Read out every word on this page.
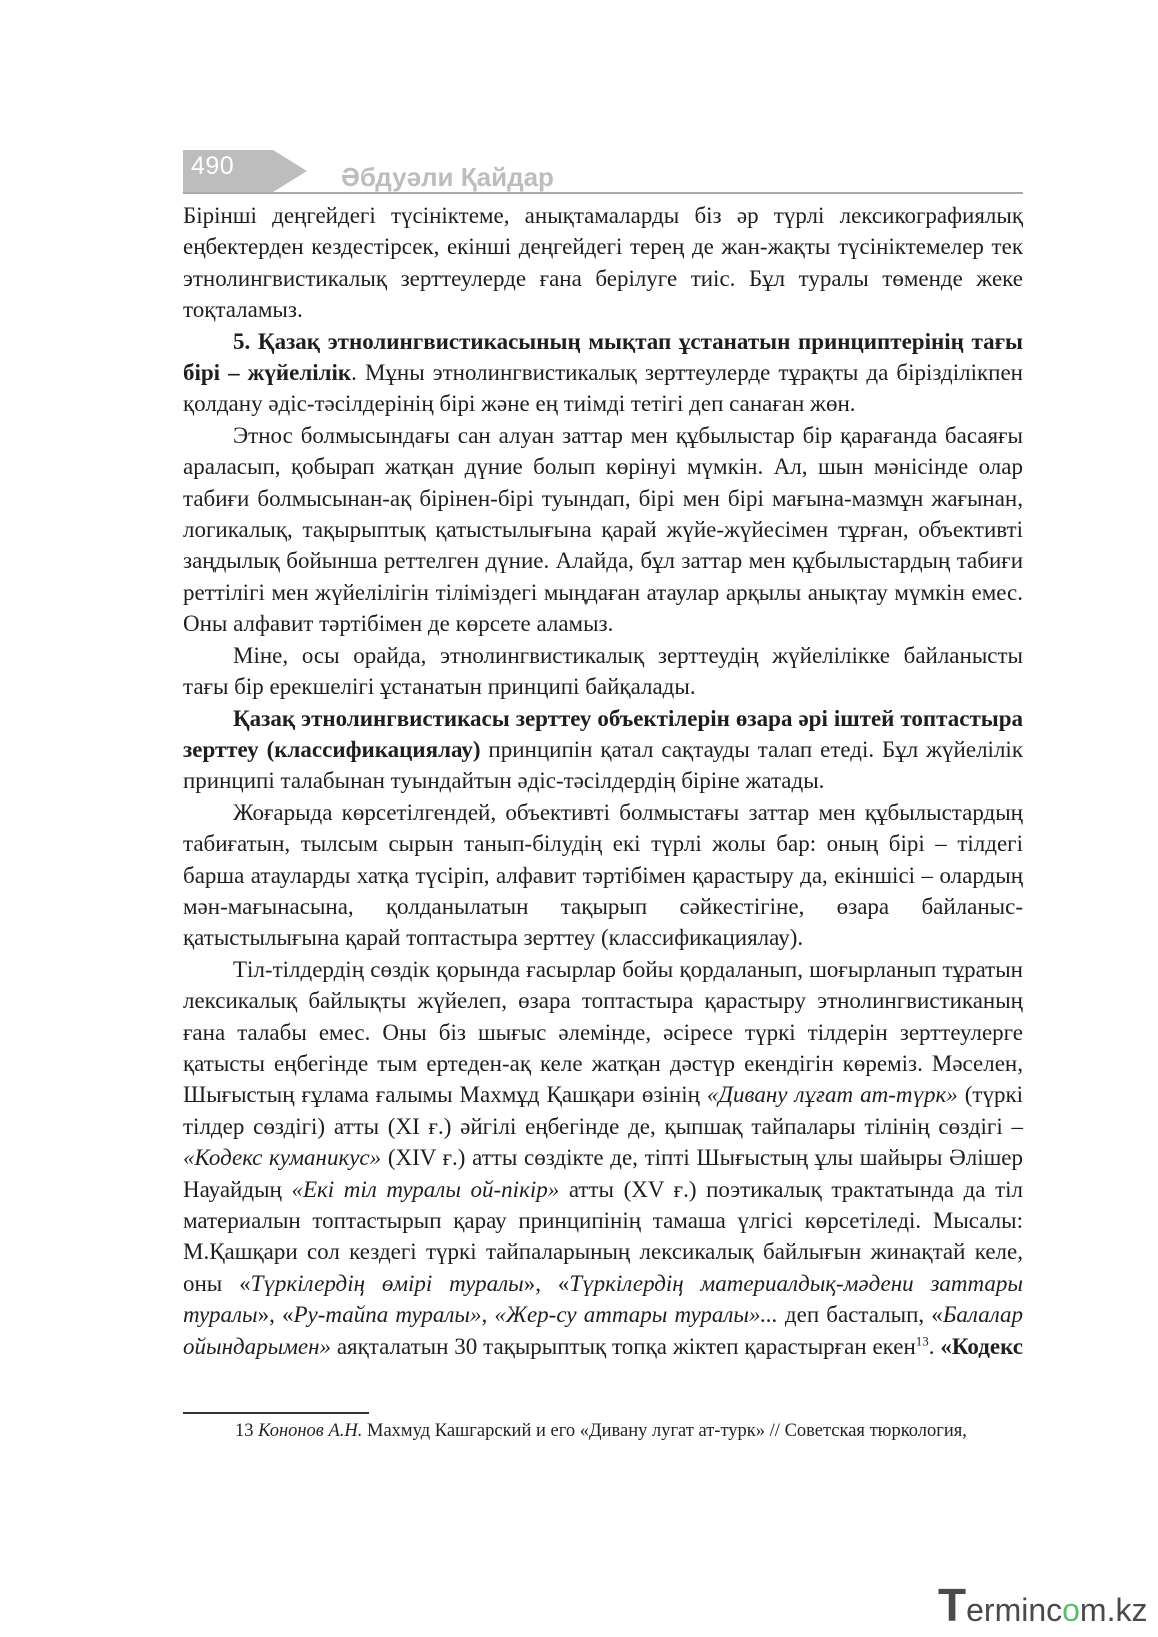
490	Әбдуәли Қайдар

Бірінші деңгейдегі түсініктеме, анықтамаларды біз әр түрлі лексикографиялық еңбектерден кездестірсек, екінші деңгейдегі терең де жан-жақты түсініктемелер тек этнолингвистикалық зерттеулерде ғана берілуге тиіс. Бұл туралы төменде жеке тоқталамыз.

5. Қазақ этнолингвистикасының мықтап ұстанатын принциптерінің тағы бірі – жүйелілік. Мұны этнолингвистикалық зерттеулерде тұрақты да бірізділікпен қолдану әдіс-тәсілдерінің бірі және ең тиімді тетігі деп санаған жөн.

Этнос болмысындағы сан алуан заттар мен құбылыстар бір қарағанда басаяғы араласып, қобырап жатқан дүние болып көрінуі мүмкін. Ал, шын мәнісінде олар табиғи болмысынан-ақ бірінен-бірі туындап, бірі мен бірі мағына-мазмұн жағынан, логикалық, тақырыптық қатыстылығына қарай жүйе-жүйесімен тұрған, объективті заңдылық бойынша реттелген дүние. Алайда, бұл заттар мен құбылыстардың табиғи реттілігі мен жүйелілігін тіліміздегі мыңдаған атаулар арқылы анықтау мүмкін емес. Оны алфавит тәртібімен де көрсете аламыз.

Міне, осы орайда, этнолингвистикалық зерттеудің жүйелілікке байланысты тағы бір ерекшелігі ұстанатын принципі байқалады.

Қазақ этнолингвистикасы зерттеу объектілерін өзара әрі іштей топтастыра зерттеу (классификациялау) принципін қатал сақтауды талап етеді. Бұл жүйелілік принципі талабынан туындайтын әдіс-тәсілдердің біріне жатады.

Жоғарыда көрсетілгендей, объективті болмыстағы заттар мен құбылыстардың табиғатын, тылсым сырын танып-білудің екі түрлі жолы бар: оның бірі – тілдегі барша атауларды хатқа түсіріп, алфавит тәртібімен қарастыру да, екіншісі – олардың мән-мағынасына, қолданылатын тақырып сәйкестігіне, өзара байланыс-қатыстылығына қарай топтастыра зерттеу (классификациялау).

Тіл-тілдердің сөздік қорында ғасырлар бойы қордаланып, шоғырланып тұратын лексикалық байлықты жүйелеп, өзара топтастыра қарастыру этнолингвистиканың ғана талабы емес. Оны біз шығыс әлемінде, әсіресе түркі тілдерін зерттеулерге қатысты еңбегінде тым ертеден-ақ келе жатқан дәстүр екендігін көреміз. Мәселен, Шығыстың ғұлама ғалымы Махмұд Қашқари өзінің «Дивану лұғат ат-түрк» (түркі тілдер сөздігі) атты (XI ғ.) әйгілі еңбегінде де, қыпшақ тайпалары тілінің сөздігі – «Кодекс куманикус» (XIV ғ.) атты сөздікте де, тіпті Шығыстың ұлы шайыры Әлішер Науайдың «Екі тіл туралы ой-пікір» атты (XV ғ.) поэтикалық трактатында да тіл материалын топтастырып қарау принципінің тамаша үлгісі көрсетіледі. Мысалы: М.Қашқари сол кездегі түркі тайпаларының лексикалық байлығын жинақтай келе, оны «Түркілердің өмірі туралы», «Түркілердің материалдық-мәдени заттары туралы», «Ру-тайпа туралы», «Жер-су аттары туралы»... деп басталып, «Балалар ойындарымен» аяқталатын 30 тақырыптық топқа жіктеп қарастырған екен$^{13}$. «Кодекс

13 Кононов А.Н. Махмуд Кашгарский и его «Дивану лугат ат-турк» // Советская тюркология,
Termincоm.kz
